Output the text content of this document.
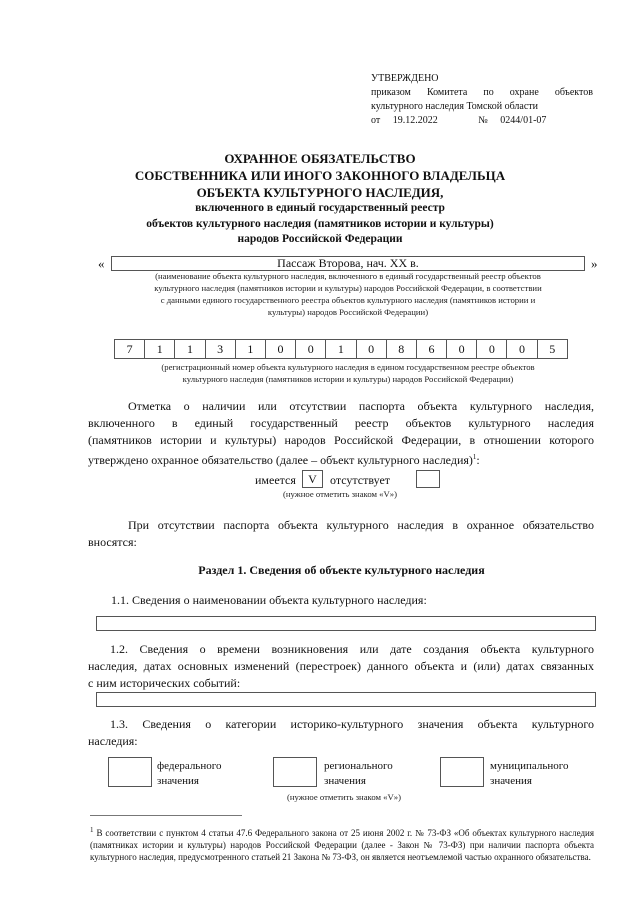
УТВЕРЖДЕНО
приказом Комитета по охране объектов
культурного наследия Томской области
от 19.12.2022	№ 0244/01-07
ОХРАННОЕ ОБЯЗАТЕЛЬСТВО
СОБСТВЕННИКА ИЛИ ИНОГО ЗАКОННОГО ВЛАДЕЛЬЦА
ОБЪЕКТА КУЛЬТУРНОГО НАСЛЕДИЯ,
включенного в единый государственный реестр
объектов культурного наследия (памятников истории и культуры)
народов Российской Федерации
«	Пассаж Второва, нач. XX в.	»
(наименование объекта культурного наследия, включенного в единый государственный реестр объектов
культурного наследия (памятников истории и культуры) народов Российской Федерации, в соответствии
с данными единого государственного реестра объектов культурного наследия (памятников истории и
культуры) народов Российской Федерации)
7	1	1	3	1	0	0	1	0	8	6	0	0	0	5
(регистрационный номер объекта культурного наследия в едином государственном реестре объектов
культурного наследия (памятников истории и культуры) народов Российской Федерации)
Отметка о наличии или отсутствии паспорта объекта культурного наследия,
включенного в единый государственный реестр объектов культурного наследия
(памятников истории и культуры) народов Российской Федерации, в отношении которого
утверждено охранное обязательство (далее – объект культурного наследия)$^1$:
имеется	V	отсутствует
(нужное отметить знаком «V»)
При отсутствии паспорта объекта культурного наследия в охранное обязательство
вносятся:
Раздел 1. Сведения об объекте культурного наследия
1.1. Сведения о наименовании объекта культурного наследия:
1.2. Сведения о времени возникновения или дате создания объекта культурного
наследия, датах основных изменений (перестроек) данного объекта и (или) датах связанных
с ним исторических событий:
1.3. Сведения о категории историко-культурного значения объекта культурного
наследия:
федерального
значения
регионального
значения
муниципального
значения
(нужное отметить знаком «V»)
$^1$ В соответствии с пунктом 4 статьи 47.6 Федерального закона от 25 июня 2002 г. № 73-ФЗ «Об объектах культурного наследия (памятниках истории и культуры) народов Российской Федерации (далее - Закон № 73-ФЗ) при наличии паспорта объекта культурного наследия, предусмотренного статьей 21 Закона № 73-ФЗ, он является неотъемлемой частью охранного обязательства.
